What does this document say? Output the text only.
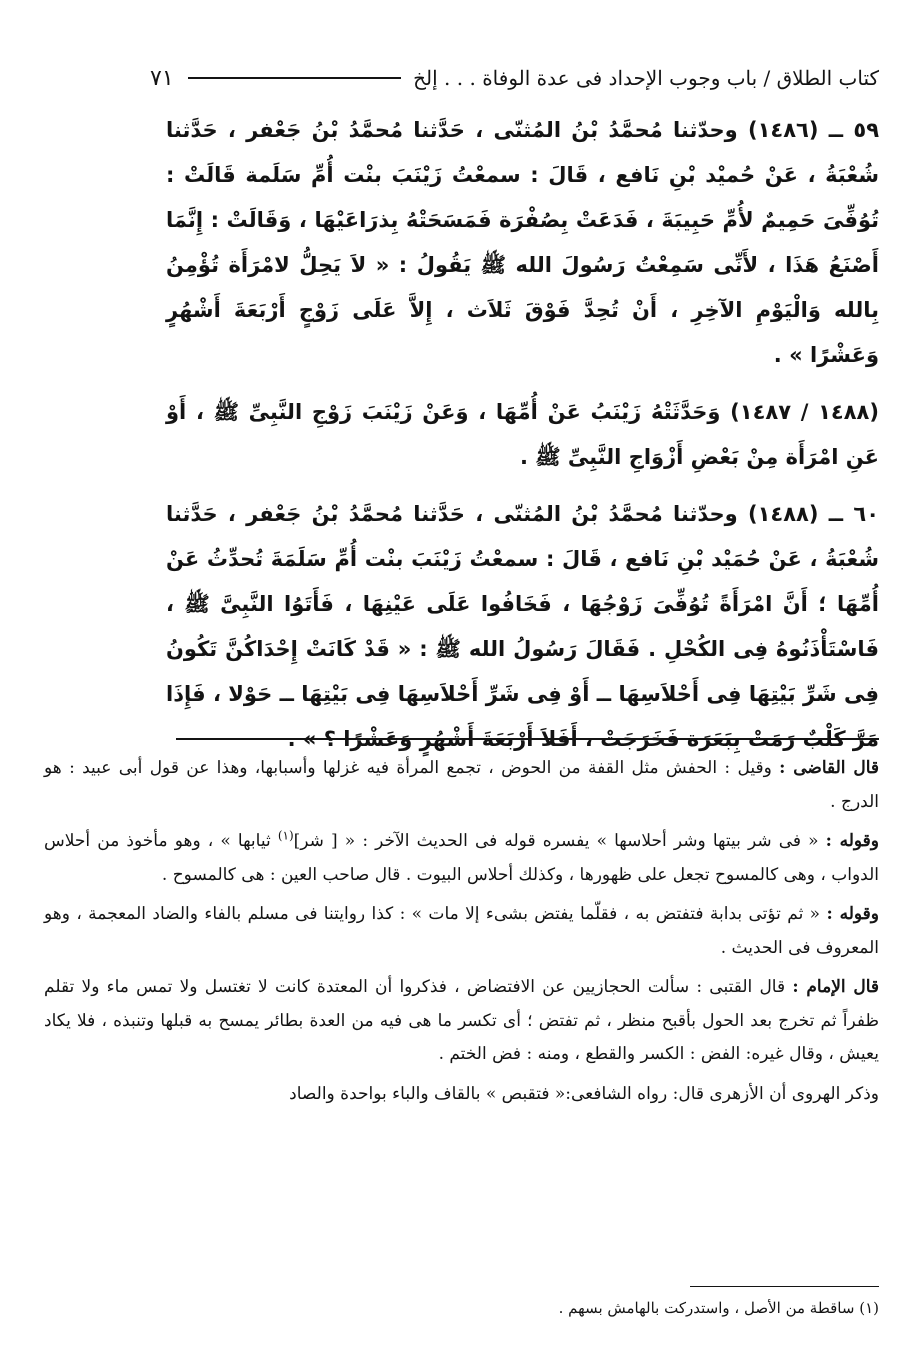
كتاب الطلاق / باب وجوب الإحداد فى عدة الوفاة . . . إلخ
٧١

٥٩ ــ (١٤٨٦) وحدّثنا مُحمَّدُ بْنُ المُثنّى ، حَدَّثنا مُحمَّدُ بْنُ جَعْفر ، حَدَّثنا شُعْبَةُ ، عَنْ حُميْد بْنِ نَافع ، قَالَ : سمعْتُ زَيْنَبَ بنْت أُمِّ سَلَمة قَالَتْ : تُوُفِّىَ حَمِيمٌ لأُمِّ حَبِيبَةَ ، فَدَعَتْ بِصُفْرَة فَمَسَحَتْهُ بِذرَاعَيْهَا ، وَقَالَتْ : إِنَّمَا أَصْنَعُ هَذَا ، لأَنِّى سَمِعْتُ رَسُولَ الله ﷺ يَقُولُ : « لاَ يَحِلُّ لامْرَأَة تُؤْمِنُ بِالله وَالْيَوْمِ الآخِرِ ، أَنْ تُحِدَّ فَوْقَ ثَلاَث ، إِلاَّ عَلَى زَوْجٍ أَرْبَعَةَ أَشْهُرٍ وَعَشْرًا » .

(١٤٨٨ / ١٤٨٧) وَحَدَّثَتْهُ زَيْنَبُ عَنْ أُمِّهَا ، وَعَنْ زَيْنَبَ زَوْجِ النَّبِىِّ ﷺ ، أَوْ عَنِ امْرَأَة مِنْ بَعْضِ أَزْوَاجِ النَّبِىِّ ﷺ .

٦٠ ــ (١٤٨٨) وحدّثنا مُحمَّدُ بْنُ المُثنّى ، حَدَّثنا مُحمَّدُ بْنُ جَعْفر ، حَدَّثنا شُعْبَةُ ، عَنْ حُمَيْد بْنِ نَافع ، قَالَ : سمعْتُ زَيْنَبَ بنْت أُمِّ سَلَمَةَ تُحدِّثُ عَنْ أُمِّهَا ؛ أَنَّ امْرَأَةً تُوُفِّىَ زَوْجُهَا ، فَخَافُوا عَلَى عَيْنِهَا ، فَأَتَوُا النَّبِىَّ ﷺ ، فَاسْتَأْذَنُوهُ فِى الكُحْلِ . فَقَالَ رَسُولُ الله ﷺ : « قَدْ كَانَتْ إِحْدَاكُنَّ تَكُونُ فِى شَرِّ بَيْتِهَا فِى أَحْلاَسِهَا ــ أَوْ فِى شَرِّ أَحْلاَسِهَا فِى بَيْتِهَا ــ حَوْلا ، فَإِذَا مَرَّ كَلْبٌ رَمَتْ بِبَعَرَة فَخَرَجَتْ ، أَفَلاَ أَرْبَعَةَ أَشْهُرٍ وَعَشْرًا ؟ » .

قال القاضى : وقيل : الحفش مثل القفة من الحوض ، تجمع المرأة فيه غزلها وأسبابها، وهذا عن قول أبى عبيد : هو الدرج .

وقوله : « فى شر بيتها وشر أحلاسها » يفسره قوله فى الحديث الآخر : « [ شر]$^{(١)}$ ثيابها » ، وهو مأخوذ من أحلاس الدواب ، وهى كالمسوح تجعل على ظهورها ، وكذلك أحلاس البيوت . قال صاحب العين : هى كالمسوح .

وقوله : « ثم تؤتى بدابة فتفتض به ، فقلّما يفتض بشىء إلا مات » : كذا روايتنا فى مسلم بالفاء والضاد المعجمة ، وهو المعروف فى الحديث .

قال الإمام : قال القتبى : سألت الحجازيين عن الافتضاض ، فذكروا أن المعتدة كانت لا تغتسل ولا تمس ماء ولا تقلم ظفراً ثم تخرج بعد الحول بأقبح منظر ، ثم تفتض ؛ أى تكسر ما هى فيه من العدة بطائر يمسح به قبلها وتنبذه ، فلا يكاد يعيش ، وقال غيره: الفض : الكسر والقطع ، ومنه : فض الختم .

وذكر الهروى أن الأزهرى قال: رواه الشافعى:« فتقبص » بالقاف والباء بواحدة والصاد

(١) ساقطة من الأصل ، واستدركت بالهامش بسهم .
